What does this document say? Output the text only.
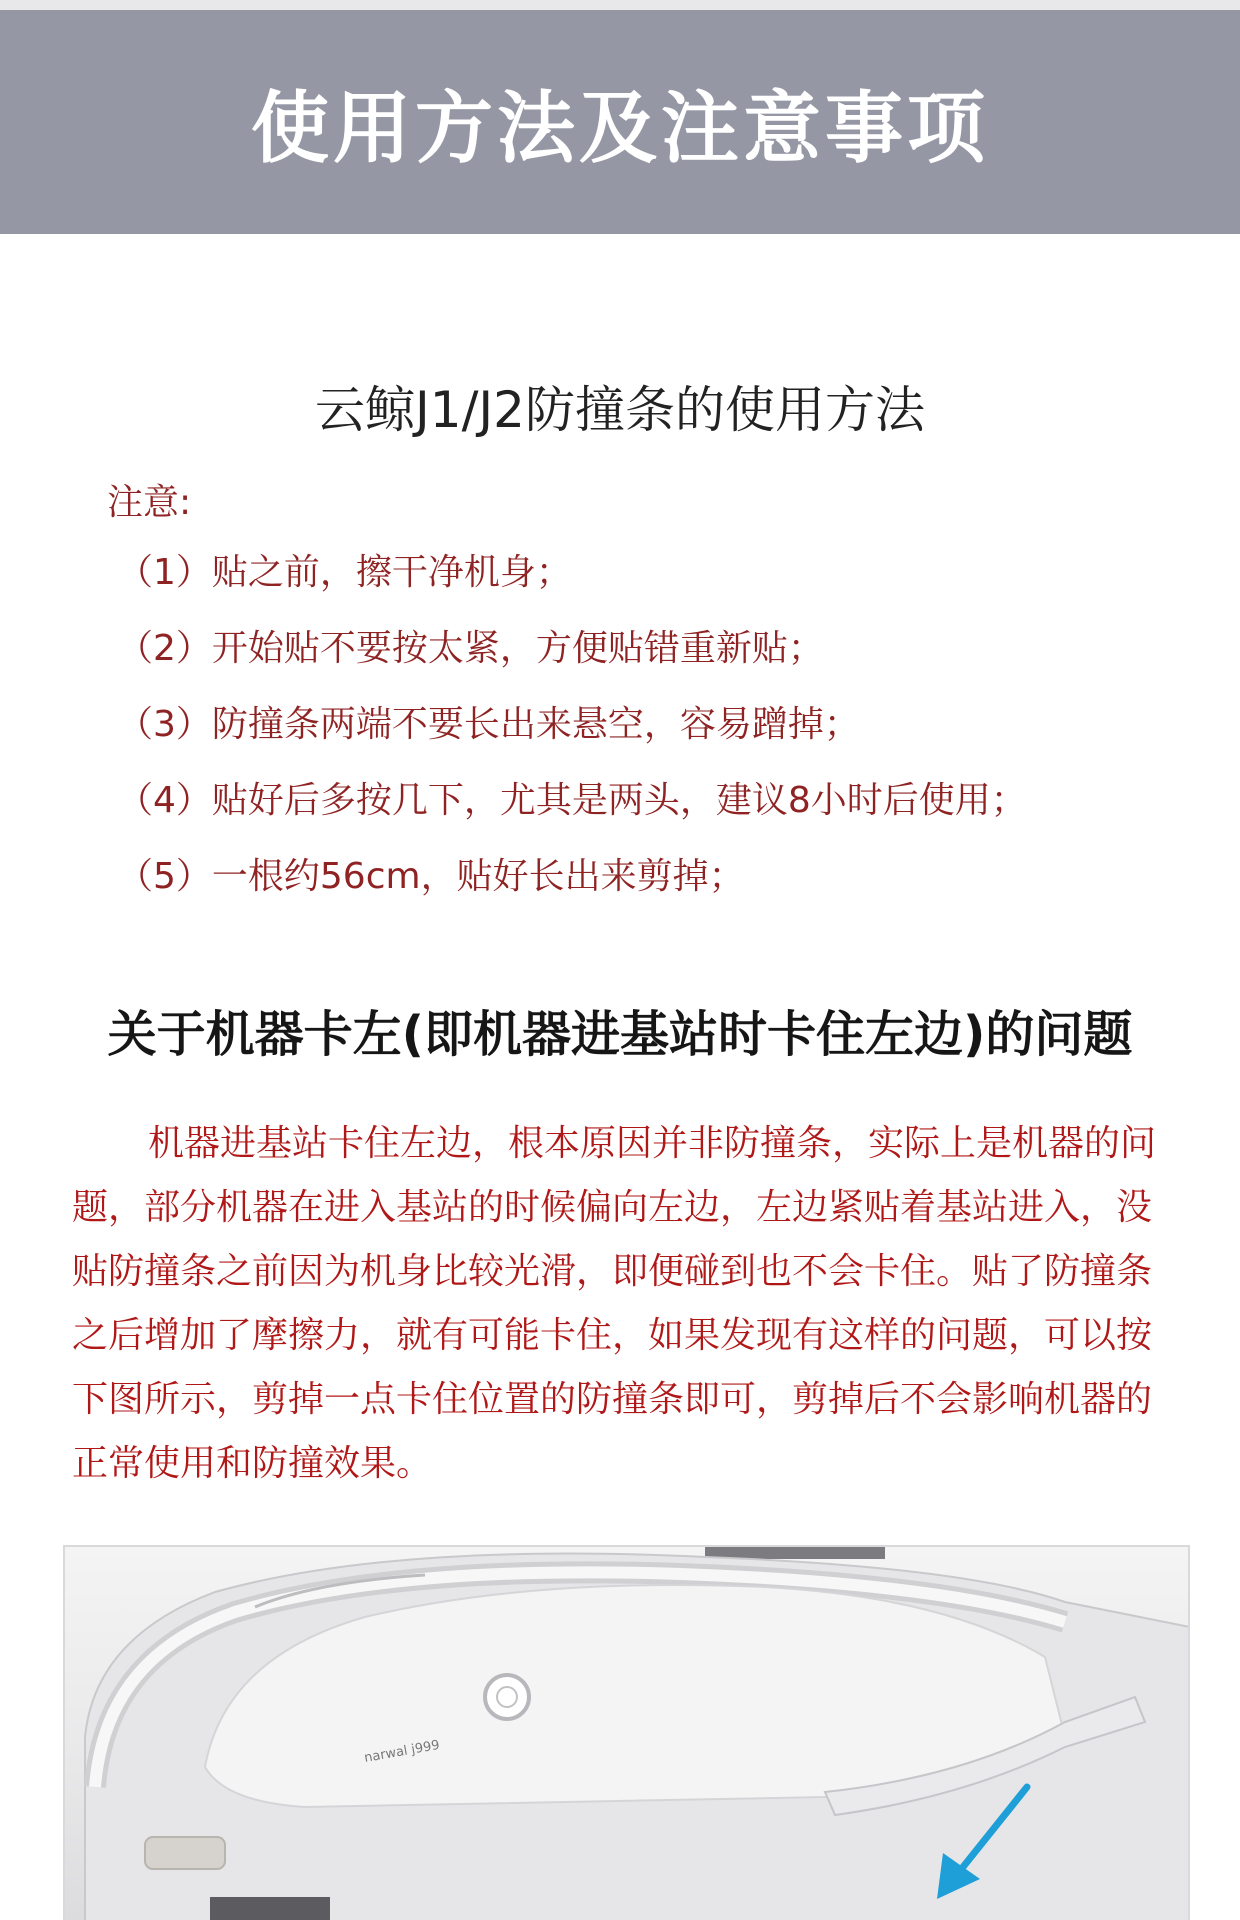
使用方法及注意事项
云鲸J1/J2防撞条的使用方法
注意:
（1）贴之前，擦干净机身；
（2）开始贴不要按太紧，方便贴错重新贴；
（3）防撞条两端不要长出来悬空，容易蹭掉；
（4）贴好后多按几下，尤其是两头，建议8小时后使用；
（5）一根约56cm，贴好长出来剪掉；
关于机器卡左(即机器进基站时卡住左边)的问题
机器进基站卡住左边，根本原因并非防撞条，实际上是机器的问题，部分机器在进入基站的时候偏向左边，左边紧贴着基站进入，没贴防撞条之前因为机身比较光滑，即便碰到也不会卡住。贴了防撞条之后增加了摩擦力，就有可能卡住，如果发现有这样的问题，可以按下图所示，剪掉一点卡住位置的防撞条即可，剪掉后不会影响机器的正常使用和防撞效果。
narwal j999
